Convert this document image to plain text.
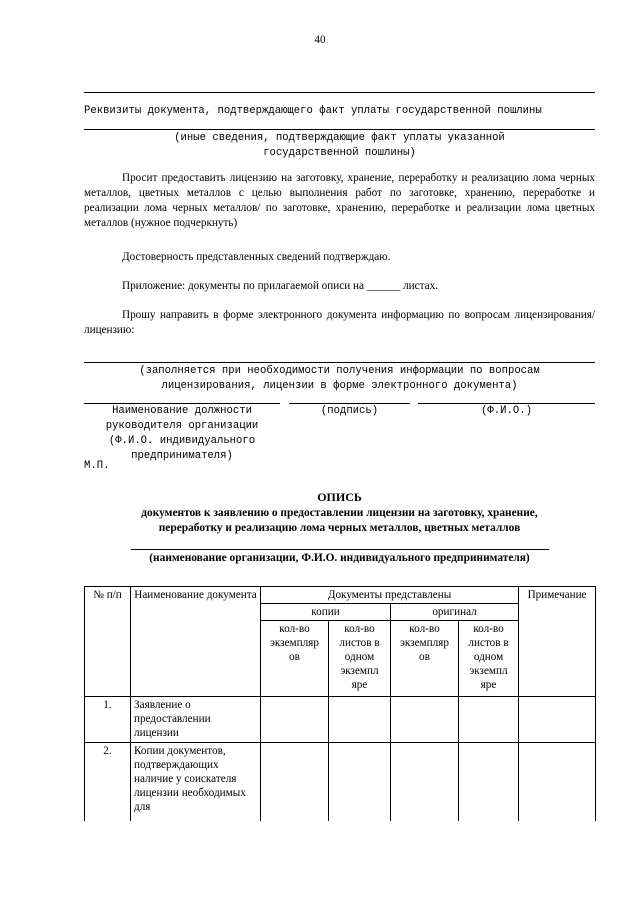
40
Реквизиты документа, подтверждающего факт уплаты государственной пошлины
(иные сведения, подтверждающие факт уплаты указанной
государственной пошлины)
Просит предоставить лицензию на заготовку, хранение, переработку и реализацию лома черных металлов, цветных металлов с целью выполнения работ по заготовке, хранению, переработке и реализации лома черных металлов/ по заготовке, хранению, переработке и реализации лома цветных металлов (нужное подчеркнуть)
Достоверность представленных сведений подтверждаю.
Приложение: документы по прилагаемой описи на ______ листах.
Прошу направить в форме электронного документа информацию по вопросам лицензирования/ лицензию:
(заполняется при необходимости получения информации по вопросам
лицензирования, лицензии в форме электронного документа)
Наименование должности
руководителя организации
(Ф.И.О. индивидуального
предпринимателя)
(подпись)	(Ф.И.О.)
М.П.
ОПИСЬ
документов к заявлению о предоставлении лицензии на заготовку, хранение,
переработку и реализацию лома черных металлов, цветных металлов
(наименование организации, Ф.И.О. индивидуального предпринимателя)
№ п/п	Наименование документа	Документы представлены				Примечание
		копии		оригинал		
		кол-во экземпляр ов	кол-во листов в одном экземпл яре	кол-во экземпляр ов	кол-во листов в одном экземпл яре	
1.	Заявление о предоставлении лицензии					
2.	Копии документов, подтверждающих наличие у соискателя лицензии необходимых для					
